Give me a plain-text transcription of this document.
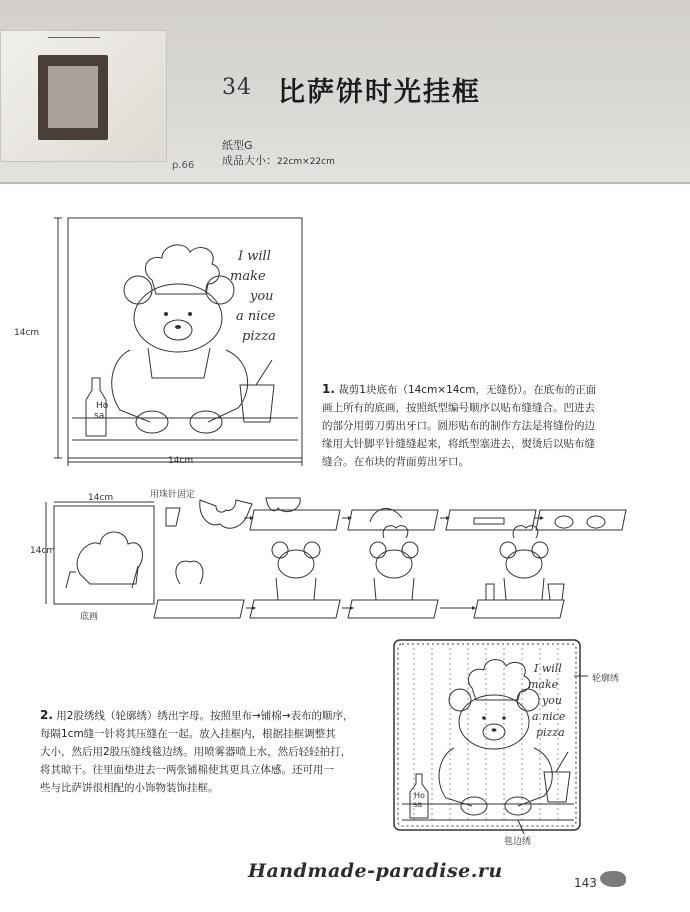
p.66
34 比萨饼时光挂框
纸型G
成品大小：22cm×22cm
I will
make
you
a nice
pizza
Ho
sa
14cm
14cm
1. 裁剪1块底布（14cm×14cm，无缝份）。在底布的正面
画上所有的底画，按照纸型编号顺序以贴布缝缝合。凹进去
的部分用剪刀剪出牙口。圆形贴布的制作方法是将缝份的边
缘用大针脚平针缝缝起来，将纸型塞进去，熨烫后以贴布缝
缝合。在布块的背面剪出牙口。
14cm
14cm
用珠针固定
底画
I will
make
you
a nice
pizza
Ho
sa
轮廓绣
毯边绣
2. 用2股绣线（轮廓绣）绣出字母。按照里布→铺棉→表布的顺序，
每隔1cm缝一针将其压缝在一起。放入挂框内，根据挂框调整其
大小，然后用2股压缝线毯边绣。用喷雾器喷上水，然后轻轻拍打，
将其晾干。往里面垫进去一两张铺棉使其更具立体感。还可用一
些与比萨饼很相配的小饰物装饰挂框。
Handmade-paradise.ru
143
